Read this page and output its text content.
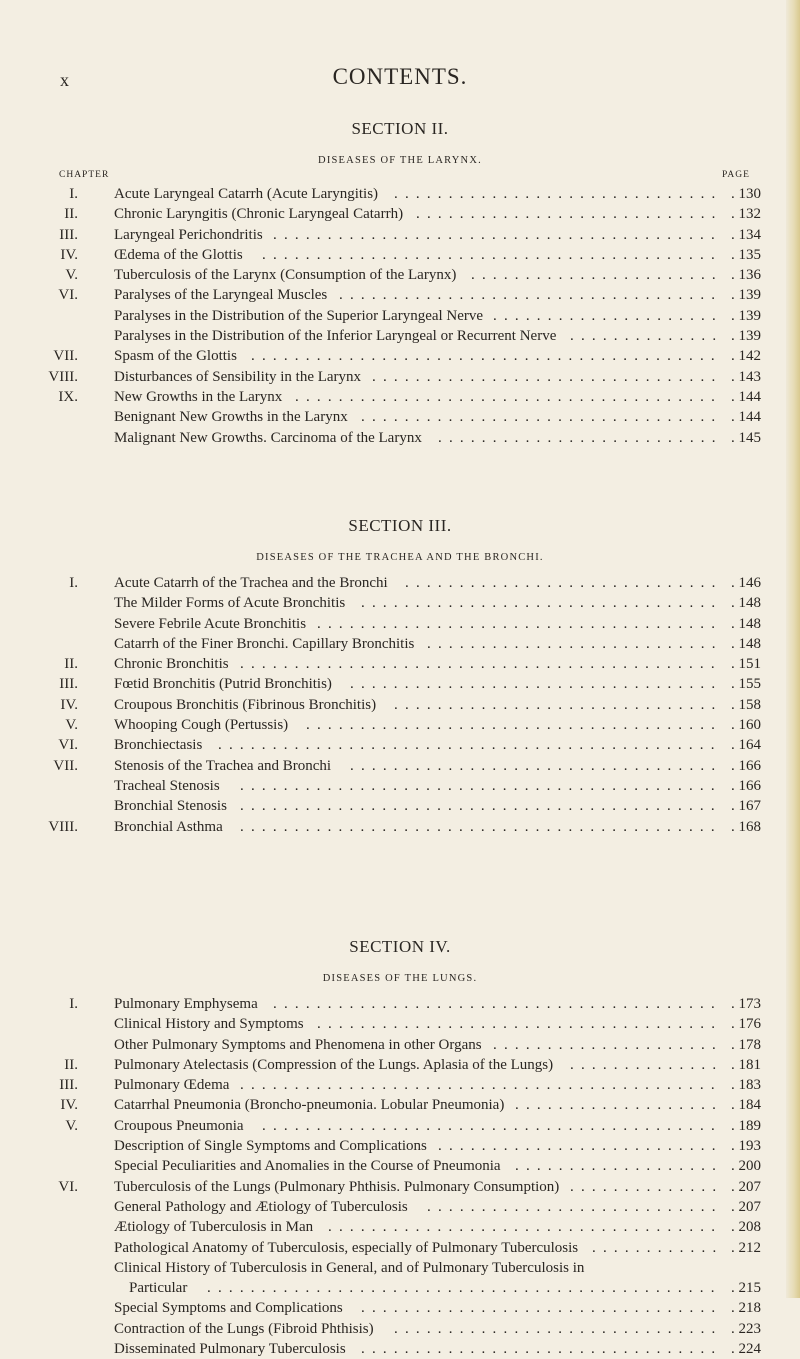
x	CONTENTS.
SECTION II.
DISEASES OF THE LARYNX.
CHAPTER	PAGE
I. Acute Laryngeal Catarrh (Acute Laryngitis) ..............................	. 130
II. Chronic Laryngitis (Chronic Laryngeal Catarrh) ............................	. 132
III. Laryngeal Perichondritis .........................................	. 134
IV. Œdema of the Glottis ..........................................	. 135
V. Tuberculosis of the Larynx (Consumption of the Larynx) .......................	. 136
VI. Paralyses of the Laryngeal Muscles ...................................	. 139
Paralyses in the Distribution of the Superior Laryngeal Nerve .....................	. 139
Paralyses in the Distribution of the Inferior Laryngeal or Recurrent Nerve ..............	. 139
VII. Spasm of the Glottis ...........................................	. 142
VIII. Disturbances of Sensibility in the Larynx ................................	. 143
IX. New Growths in the Larynx .......................................	. 144
Benignant New Growths in the Larynx .................................	. 144
Malignant New Growths. Carcinoma of the Larynx ..........................	. 145
SECTION III.
DISEASES OF THE TRACHEA AND THE BRONCHI.
I. Acute Catarrh of the Trachea and the Bronchi .............................	. 146
The Milder Forms of Acute Bronchitis .................................	. 148
Severe Febrile Acute Bronchitis .....................................	. 148
Catarrh of the Finer Bronchi. Capillary Bronchitis ...........................	. 148
II. Chronic Bronchitis ............................................	. 151
III. Fœtid Bronchitis (Putrid Bronchitis) ..................................	. 155
IV. Croupous Bronchitis (Fibrinous Bronchitis) ..............................	. 158
V. Whooping Cough (Pertussis) ......................................	. 160
VI. Bronchiectasis ..............................................	. 164
VII. Stenosis of the Trachea and Bronchi ..................................	. 166
Tracheal Stenosis ............................................	. 166
Bronchial Stenosis ............................................	. 167
VIII. Bronchial Asthma ............................................	. 168
SECTION IV.
DISEASES OF THE LUNGS.
I. Pulmonary Emphysema .........................................	. 173
Clinical History and Symptoms .....................................	. 176
Other Pulmonary Symptoms and Phenomena in other Organs .....................	. 178
II. Pulmonary Atelectasis (Compression of the Lungs. Aplasia of the Lungs) ..............	. 181
III. Pulmonary Œdema ............................................	. 183
IV. Catarrhal Pneumonia (Broncho-pneumonia. Lobular Pneumonia) ...................	. 184
V. Croupous Pneumonia ..........................................	. 189
Description of Single Symptoms and Complications ..........................	. 193
Special Peculiarities and Anomalies in the Course of Pneumonia ...................	. 200
VI. Tuberculosis of the Lungs (Pulmonary Phthisis. Pulmonary Consumption) ..............	. 207
General Pathology and Ætiology of Tuberculosis ...........................	. 207
Ætiology of Tuberculosis in Man ....................................	. 208
Pathological Anatomy of Tuberculosis, especially of Pulmonary Tuberculosis ............	. 212
Clinical History of Tuberculosis in General, and of Pulmonary Tuberculosis in
Particular ...............................................	. 215
Special Symptoms and Complications .................................	. 218
Contraction of the Lungs (Fibroid Phthisis) ..............................	. 223
Disseminated Pulmonary Tuberculosis .................................	. 224
